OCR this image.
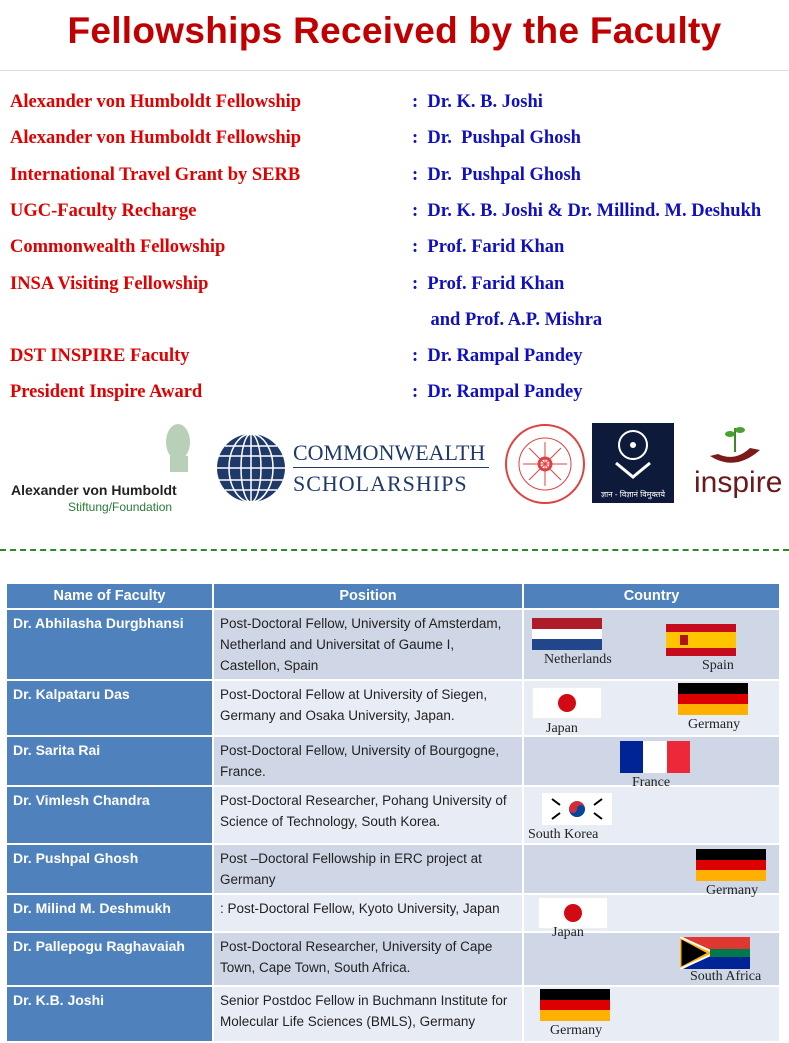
Fellowships Received by the Faculty
Alexander von Humboldt Fellowship	:  Dr. K. B. Joshi
Alexander von Humboldt Fellowship	:  Dr.  Pushpal Ghosh
International Travel Grant by SERB	:  Dr.  Pushpal Ghosh
UGC-Faculty Recharge	:  Dr. K. B. Joshi & Dr. Millind. M. Deshukh
Commonwealth Fellowship	:  Prof. Farid Khan
INSA Visiting Fellowship	:  Prof. Farid Khan
and Prof. A.P. Mishra
DST INSPIRE Faculty	:  Dr. Rampal Pandey
President Inspire Award	:  Dr. Rampal Pandey
Alexander von Humboldt
Stiftung/Foundation
COMMONWEALTH
SCHOLARSHIPS	ज्ञान - विज्ञानं विमुक्तये inspire
Name of Faculty	Position	Country
Dr. Abhilasha Durgbhansi	Post-Doctoral Fellow, University of Amsterdam, Netherland and Universitat of Gaume I, Castellon, Spain	Netherlands Spain

Dr. Kalpataru Das	Post-Doctoral Fellow at University of Siegen, Germany and Osaka University, Japan.	Japan Germany

Dr. Sarita Rai	Post-Doctoral Fellow, University of Bourgogne, France.	France

Dr. Vimlesh Chandra	Post-Doctoral Researcher, Pohang University of Science of Technology, South Korea.	South Korea

Dr. Pushpal Ghosh	Post –Doctoral Fellowship in ERC project at Germany	Germany

Dr. Milind M. Deshmukh	: Post-Doctoral Fellow, Kyoto University, Japan	Japan

Dr. Pallepogu Raghavaiah	Post-Doctoral Researcher, University of Cape Town, Cape Town, South Africa.	South Africa

Dr. K.B. Joshi	Senior Postdoc Fellow in Buchmann Institute for Molecular Life Sciences (BMLS), Germany	Germany
